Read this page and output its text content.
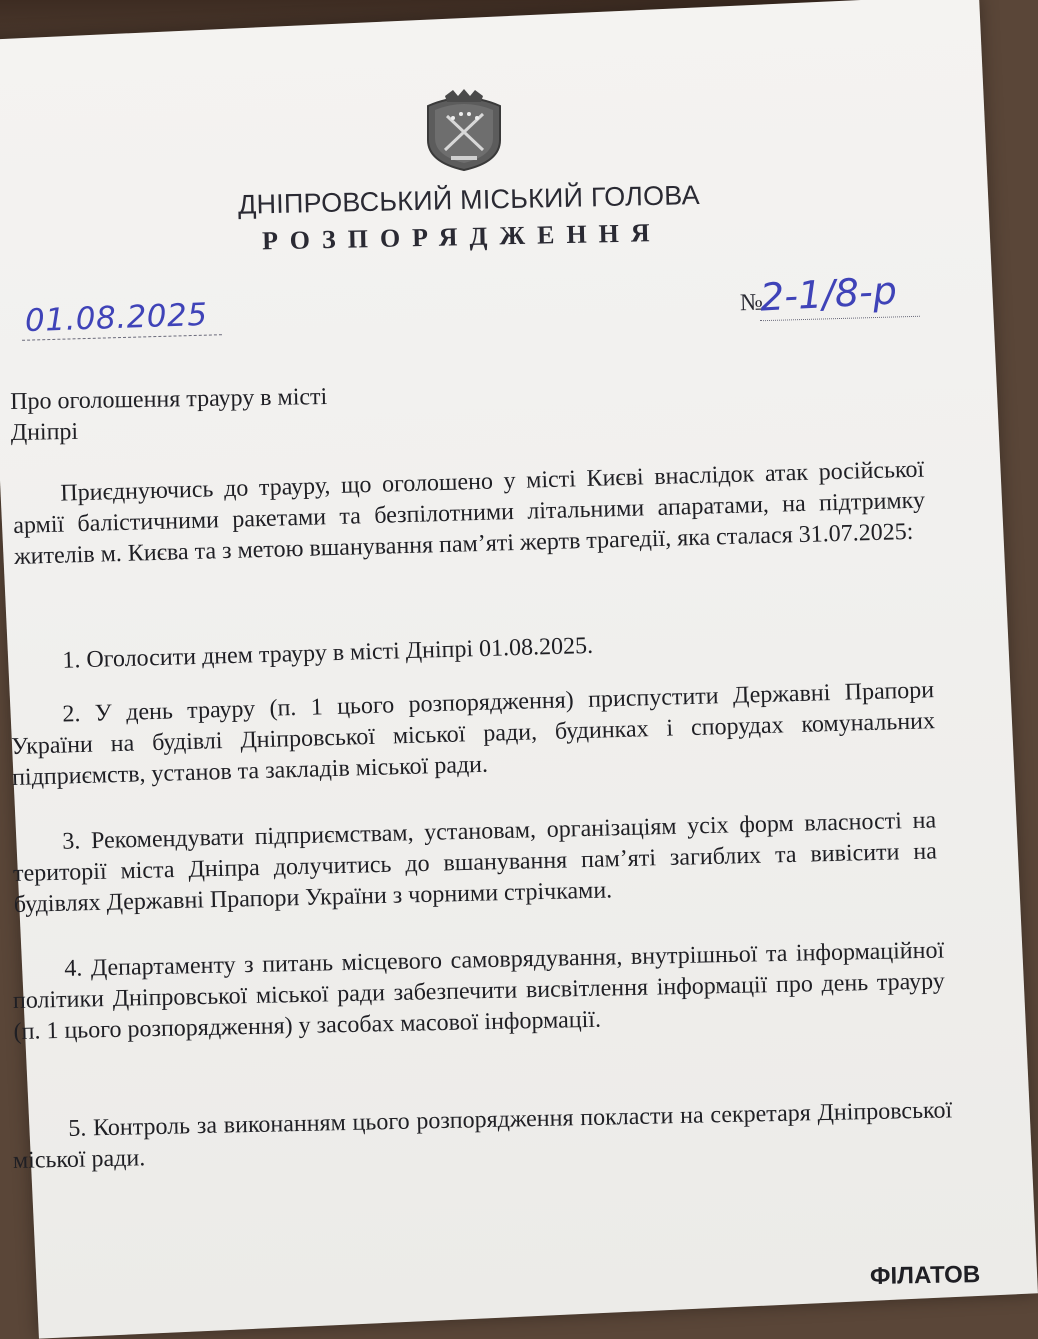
ДНІПРОВСЬКИЙ МІСЬКИЙ ГОЛОВА
РОЗПОРЯДЖЕННЯ
01.08.2025	№
2-1/8-р
Про оголошення трауру в місті Дніпрі
Приєднуючись до трауру, що оголошено у місті Києві внаслідок атак російської армії балістичними ракетами та безпілотними літальними апаратами, на підтримку жителів м. Києва та з метою вшанування пам’яті жертв трагедії, яка сталася 31.07.2025:
1. Оголосити днем трауру в місті Дніпрі 01.08.2025.
2. У день трауру (п. 1 цього розпорядження) приспустити Державні Прапори України на будівлі Дніпровської міської ради, будинках і спорудах комунальних підприємств, установ та закладів міської ради.
3. Рекомендувати підприємствам, установам, організаціям усіх форм власності на території міста Дніпра долучитись до вшанування пам’яті загиблих та вивісити на будівлях Державні Прапори України з чорними стрічками.
4. Департаменту з питань місцевого самоврядування, внутрішньої та інформаційної політики Дніпровської міської ради забезпечити висвітлення інформації про день трауру (п. 1 цього розпорядження) у засобах масової інформації.
5. Контроль за виконанням цього розпорядження покласти на секретаря Дніпровської міської ради.
ФІЛАТОВ
